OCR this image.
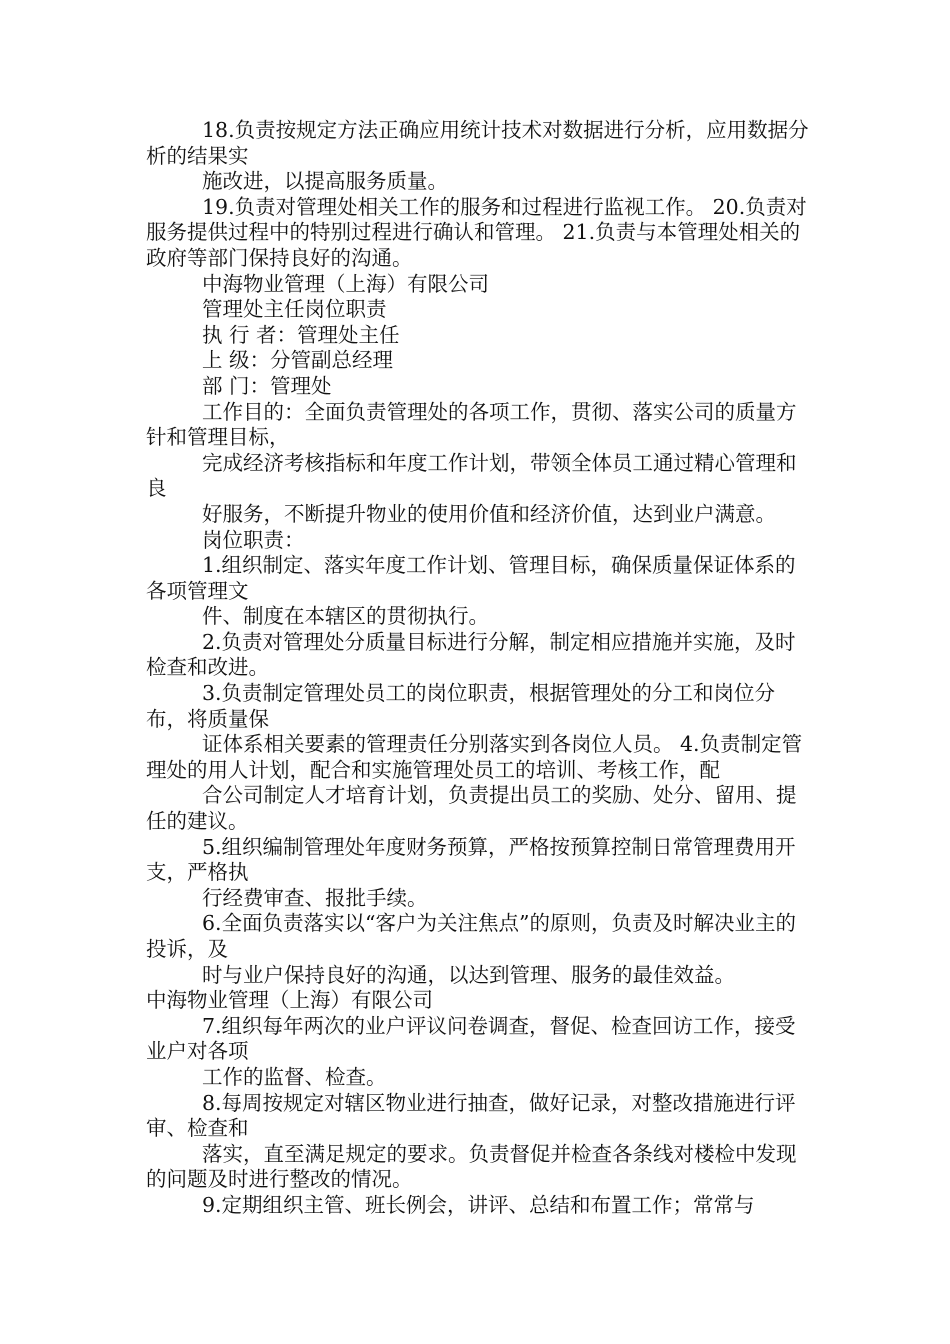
18.负责按规定方法正确应用统计技术对数据进行分析，应用数据分析的结果实

施改进，以提高服务质量。

19.负责对管理处相关工作的服务和过程进行监视工作。 20.负责对服务提供过程中的特别过程进行确认和管理。 21.负责与本管理处相关的政府等部门保持良好的沟通。

中海物业管理（上海）有限公司

管理处主任岗位职责

执 行 者：管理处主任

上 级：分管副总经理

部 门：管理处

工作目的：全面负责管理处的各项工作，贯彻、落实公司的质量方针和管理目标，

完成经济考核指标和年度工作计划，带领全体员工通过精心管理和良

好服务，不断提升物业的使用价值和经济价值，达到业户满意。

岗位职责：

1.组织制定、落实年度工作计划、管理目标，确保质量保证体系的各项管理文

件、制度在本辖区的贯彻执行。

2.负责对管理处分质量目标进行分解，制定相应措施并实施，及时检查和改进。

3.负责制定管理处员工的岗位职责，根据管理处的分工和岗位分布，将质量保

证体系相关要素的管理责任分别落实到各岗位人员。 4.负责制定管理处的用人计划，配合和实施管理处员工的培训、考核工作，配

合公司制定人才培育计划，负责提出员工的奖励、处分、留用、提任的建议。

5.组织编制管理处年度财务预算，严格按预算控制日常管理费用开支，严格执

行经费审查、报批手续。

6.全面负责落实以“客户为关注焦点”的原则，负责及时解决业主的投诉，及

时与业户保持良好的沟通，以达到管理、服务的最佳效益。

中海物业管理（上海）有限公司

7.组织每年两次的业户评议问卷调查，督促、检查回访工作，接受业户对各项

工作的监督、检查。

8.每周按规定对辖区物业进行抽查，做好记录，对整改措施进行评审、检查和

落实，直至满足规定的要求。负责督促并检查各条线对楼检中发现的问题及时进行整改的情况。

9.定期组织主管、班长例会，讲评、总结和布置工作；常常与
